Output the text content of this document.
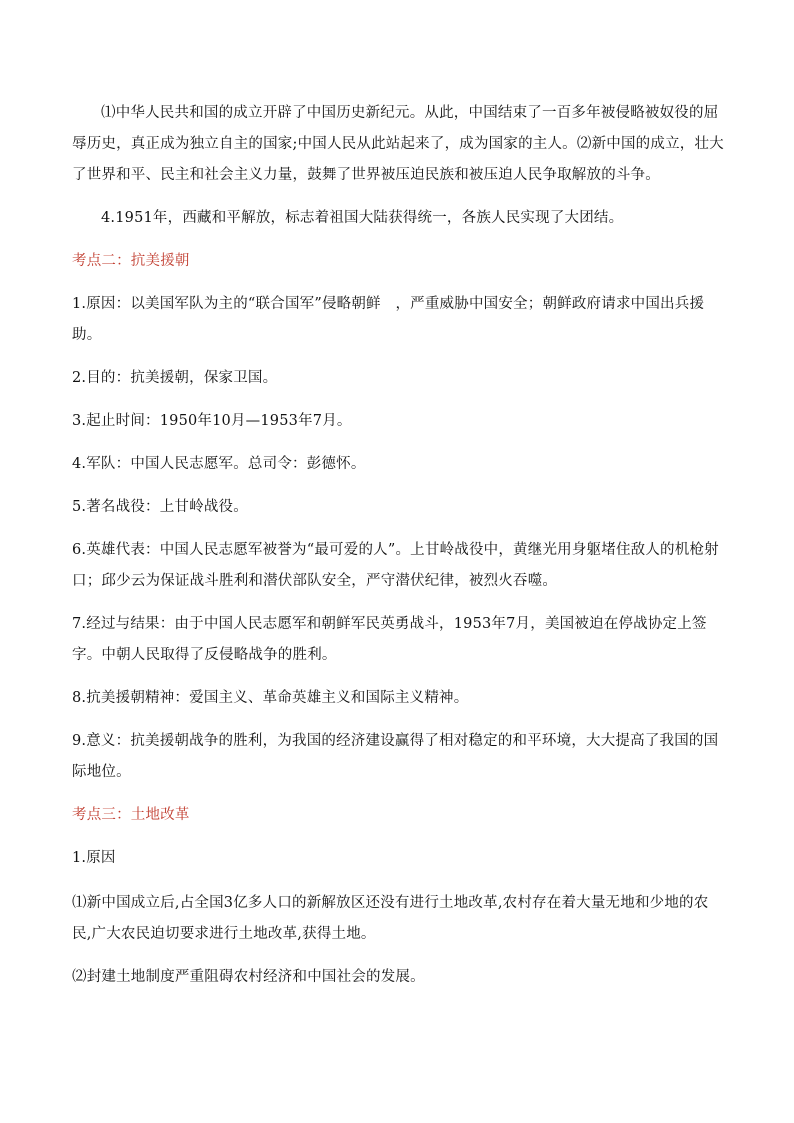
⑴中华人民共和国的成立开辟了中国历史新纪元。从此，中国结束了一百多年被侵略被奴役的屈辱历史，真正成为独立自主的国家;中国人民从此站起来了，成为国家的主人。⑵新中国的成立，壮大了世界和平、民主和社会主义力量，鼓舞了世界被压迫民族和被压迫人民争取解放的斗争。

4.1951年，西藏和平解放，标志着祖国大陆获得统一，各族人民实现了大团结。

考点二：抗美援朝

1.原因：以美国军队为主的“联合国军”侵略朝鲜　，严重威胁中国安全；朝鲜政府请求中国出兵援助。

2.目的：抗美援朝，保家卫国。

3.起止时间：1950年10月—1953年7月。

4.军队：中国人民志愿军。总司令：彭德怀。

5.著名战役：上甘岭战役。

6.英雄代表：中国人民志愿军被誉为“最可爱的人”。上甘岭战役中，黄继光用身躯堵住敌人的机枪射口；邱少云为保证战斗胜利和潜伏部队安全，严守潜伏纪律，被烈火吞噬。

7.经过与结果：由于中国人民志愿军和朝鲜军民英勇战斗，1953年7月，美国被迫在停战协定上签字。中朝人民取得了反侵略战争的胜利。

8.抗美援朝精神：爱国主义、革命英雄主义和国际主义精神。

9.意义：抗美援朝战争的胜利，为我国的经济建设赢得了相对稳定的和平环境，大大提高了我国的国际地位。

考点三：土地改革

1.原因

⑴新中国成立后,占全国3亿多人口的新解放区还没有进行土地改革,农村存在着大量无地和少地的农民,广大农民迫切要求进行土地改革,获得土地。

⑵封建土地制度严重阻碍农村经济和中国社会的发展。
